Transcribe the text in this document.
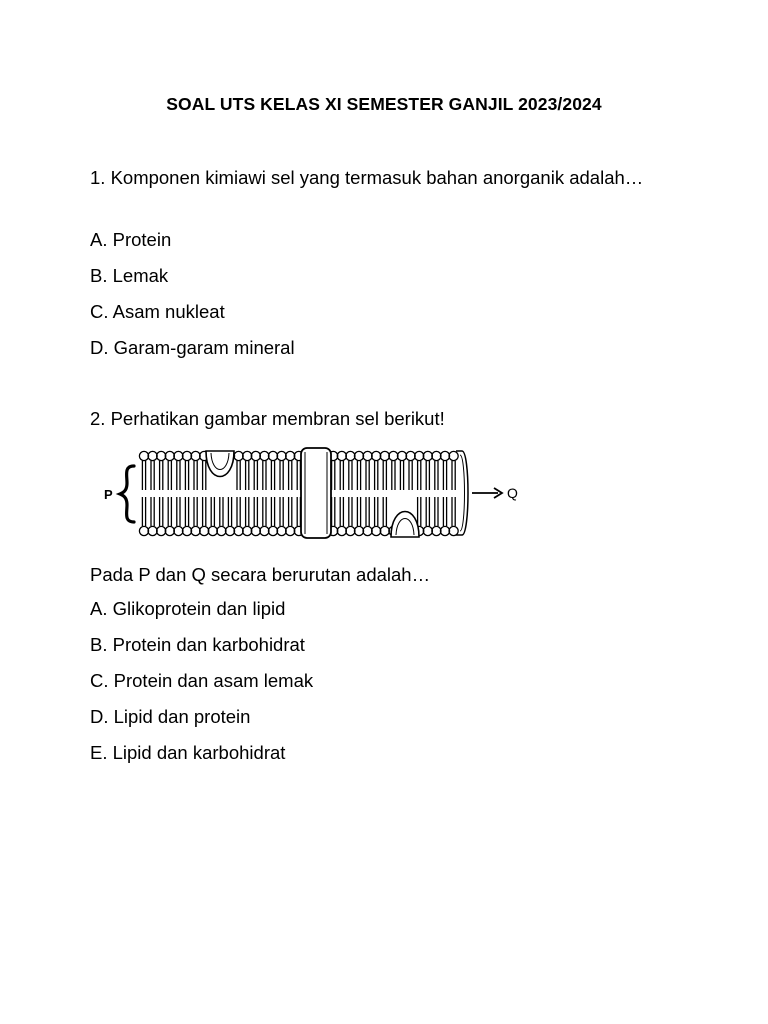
SOAL UTS KELAS XI SEMESTER GANJIL 2023/2024
1. Komponen kimiawi sel yang termasuk bahan anorganik adalah…
A. Protein
B. Lemak
C. Asam nukleat
D. Garam-garam mineral
2. Perhatikan gambar membran sel berikut!
P	Q
Pada P dan Q secara berurutan adalah…
A. Glikoprotein dan lipid
B. Protein dan karbohidrat
C. Protein dan asam lemak
D. Lipid dan protein
E. Lipid dan karbohidrat
